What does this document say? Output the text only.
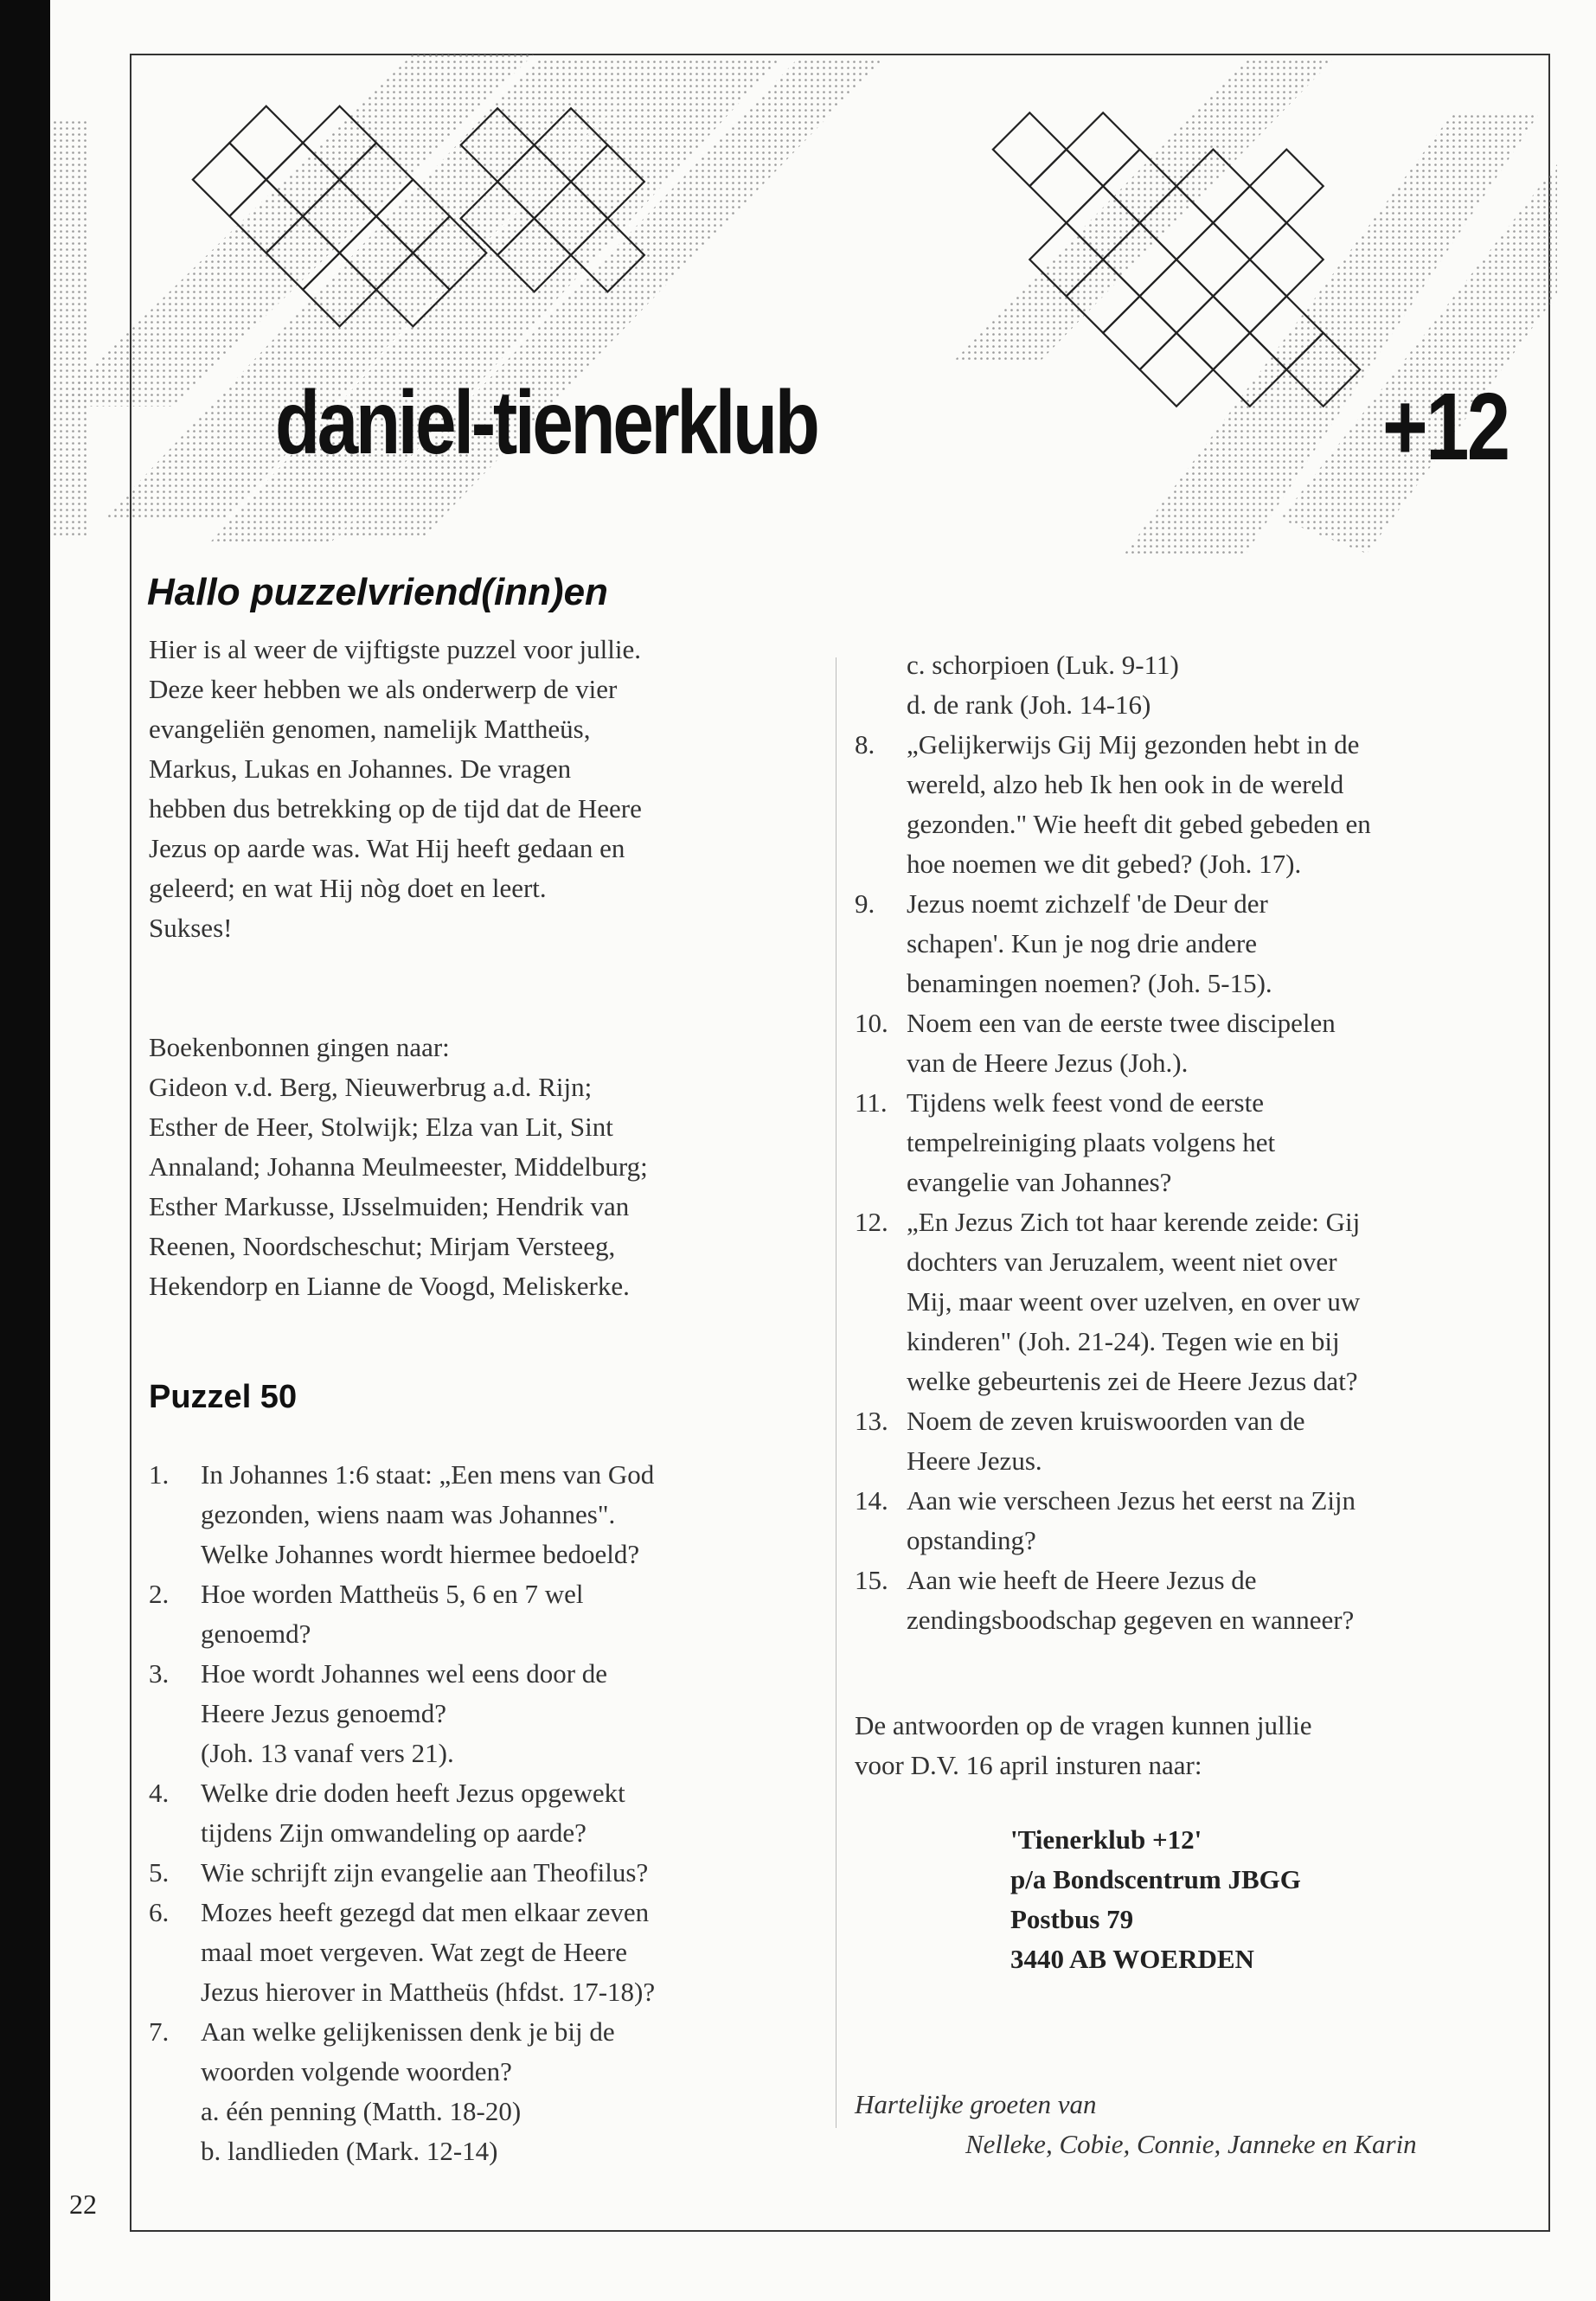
daniel-tienerklub	+12
Hallo puzzelvriend(inn)en

Hier is al weer de vijftigste puzzel voor jullie.

Deze keer hebben we als onderwerp de vier

evangeliën genomen, namelijk Mattheüs,

Markus, Lukas en Johannes. De vragen

hebben dus betrekking op de tijd dat de Heere

Jezus op aarde was. Wat Hij heeft gedaan en

geleerd; en wat Hij nòg doet en leert.

Sukses!

Boekenbonnen gingen naar:

Gideon v.d. Berg, Nieuwerbrug a.d. Rijn;

Esther de Heer, Stolwijk; Elza van Lit, Sint

Annaland; Johanna Meulmeester, Middelburg;

Esther Markusse, IJsselmuiden; Hendrik van

Reenen, Noordscheschut; Mirjam Versteeg,

Hekendorp en Lianne de Voogd, Meliskerke.

Puzzel 50

1.	In Johannes 1:6 staat: „Een mens van God
gezonden, wiens naam was Johannes".
Welke Johannes wordt hiermee bedoeld?
2.	Hoe worden Mattheüs 5, 6 en 7 wel
genoemd?
3.	Hoe wordt Johannes wel eens door de
Heere Jezus genoemd?
(Joh. 13 vanaf vers 21).
4.	Welke drie doden heeft Jezus opgewekt
tijdens Zijn omwandeling op aarde?
5.	Wie schrijft zijn evangelie aan Theofilus?
6.	Mozes heeft gezegd dat men elkaar zeven
maal moet vergeven. Wat zegt de Heere
Jezus hierover in Mattheüs (hfdst. 17-18)?
7.	Aan welke gelijkenissen denk je bij de
woorden volgende woorden?
a. één penning (Matth. 18-20)
b. landlieden (Mark. 12-14)

c. schorpioen (Luk. 9-11)

d. de rank (Joh. 14-16)

8.	„Gelijkerwijs Gij Mij gezonden hebt in de
wereld, alzo heb Ik hen ook in de wereld
gezonden." Wie heeft dit gebed gebeden en
hoe noemen we dit gebed? (Joh. 17).
9.	Jezus noemt zichzelf 'de Deur der
schapen'. Kun je nog drie andere
benamingen noemen? (Joh. 5-15).
10. Noem een van de eerste twee discipelen
van de Heere Jezus (Joh.).
11. Tijdens welk feest vond de eerste
tempelreiniging plaats volgens het
evangelie van Johannes?
12. „En Jezus Zich tot haar kerende zeide: Gij
dochters van Jeruzalem, weent niet over
Mij, maar weent over uzelven, en over uw
kinderen" (Joh. 21-24). Tegen wie en bij
welke gebeurtenis zei de Heere Jezus dat?
13. Noem de zeven kruiswoorden van de
Heere Jezus.
14. Aan wie verscheen Jezus het eerst na Zijn
opstanding?
15. Aan wie heeft de Heere Jezus de
zendingsboodschap gegeven en wanneer?

De antwoorden op de vragen kunnen jullie

voor D.V. 16 april insturen naar:

'Tienerklub +12'

p/a Bondscentrum JBGG

Postbus 79

3440 AB WOERDEN

Hartelijke groeten van

Nelleke, Cobie, Connie, Janneke en Karin

22
